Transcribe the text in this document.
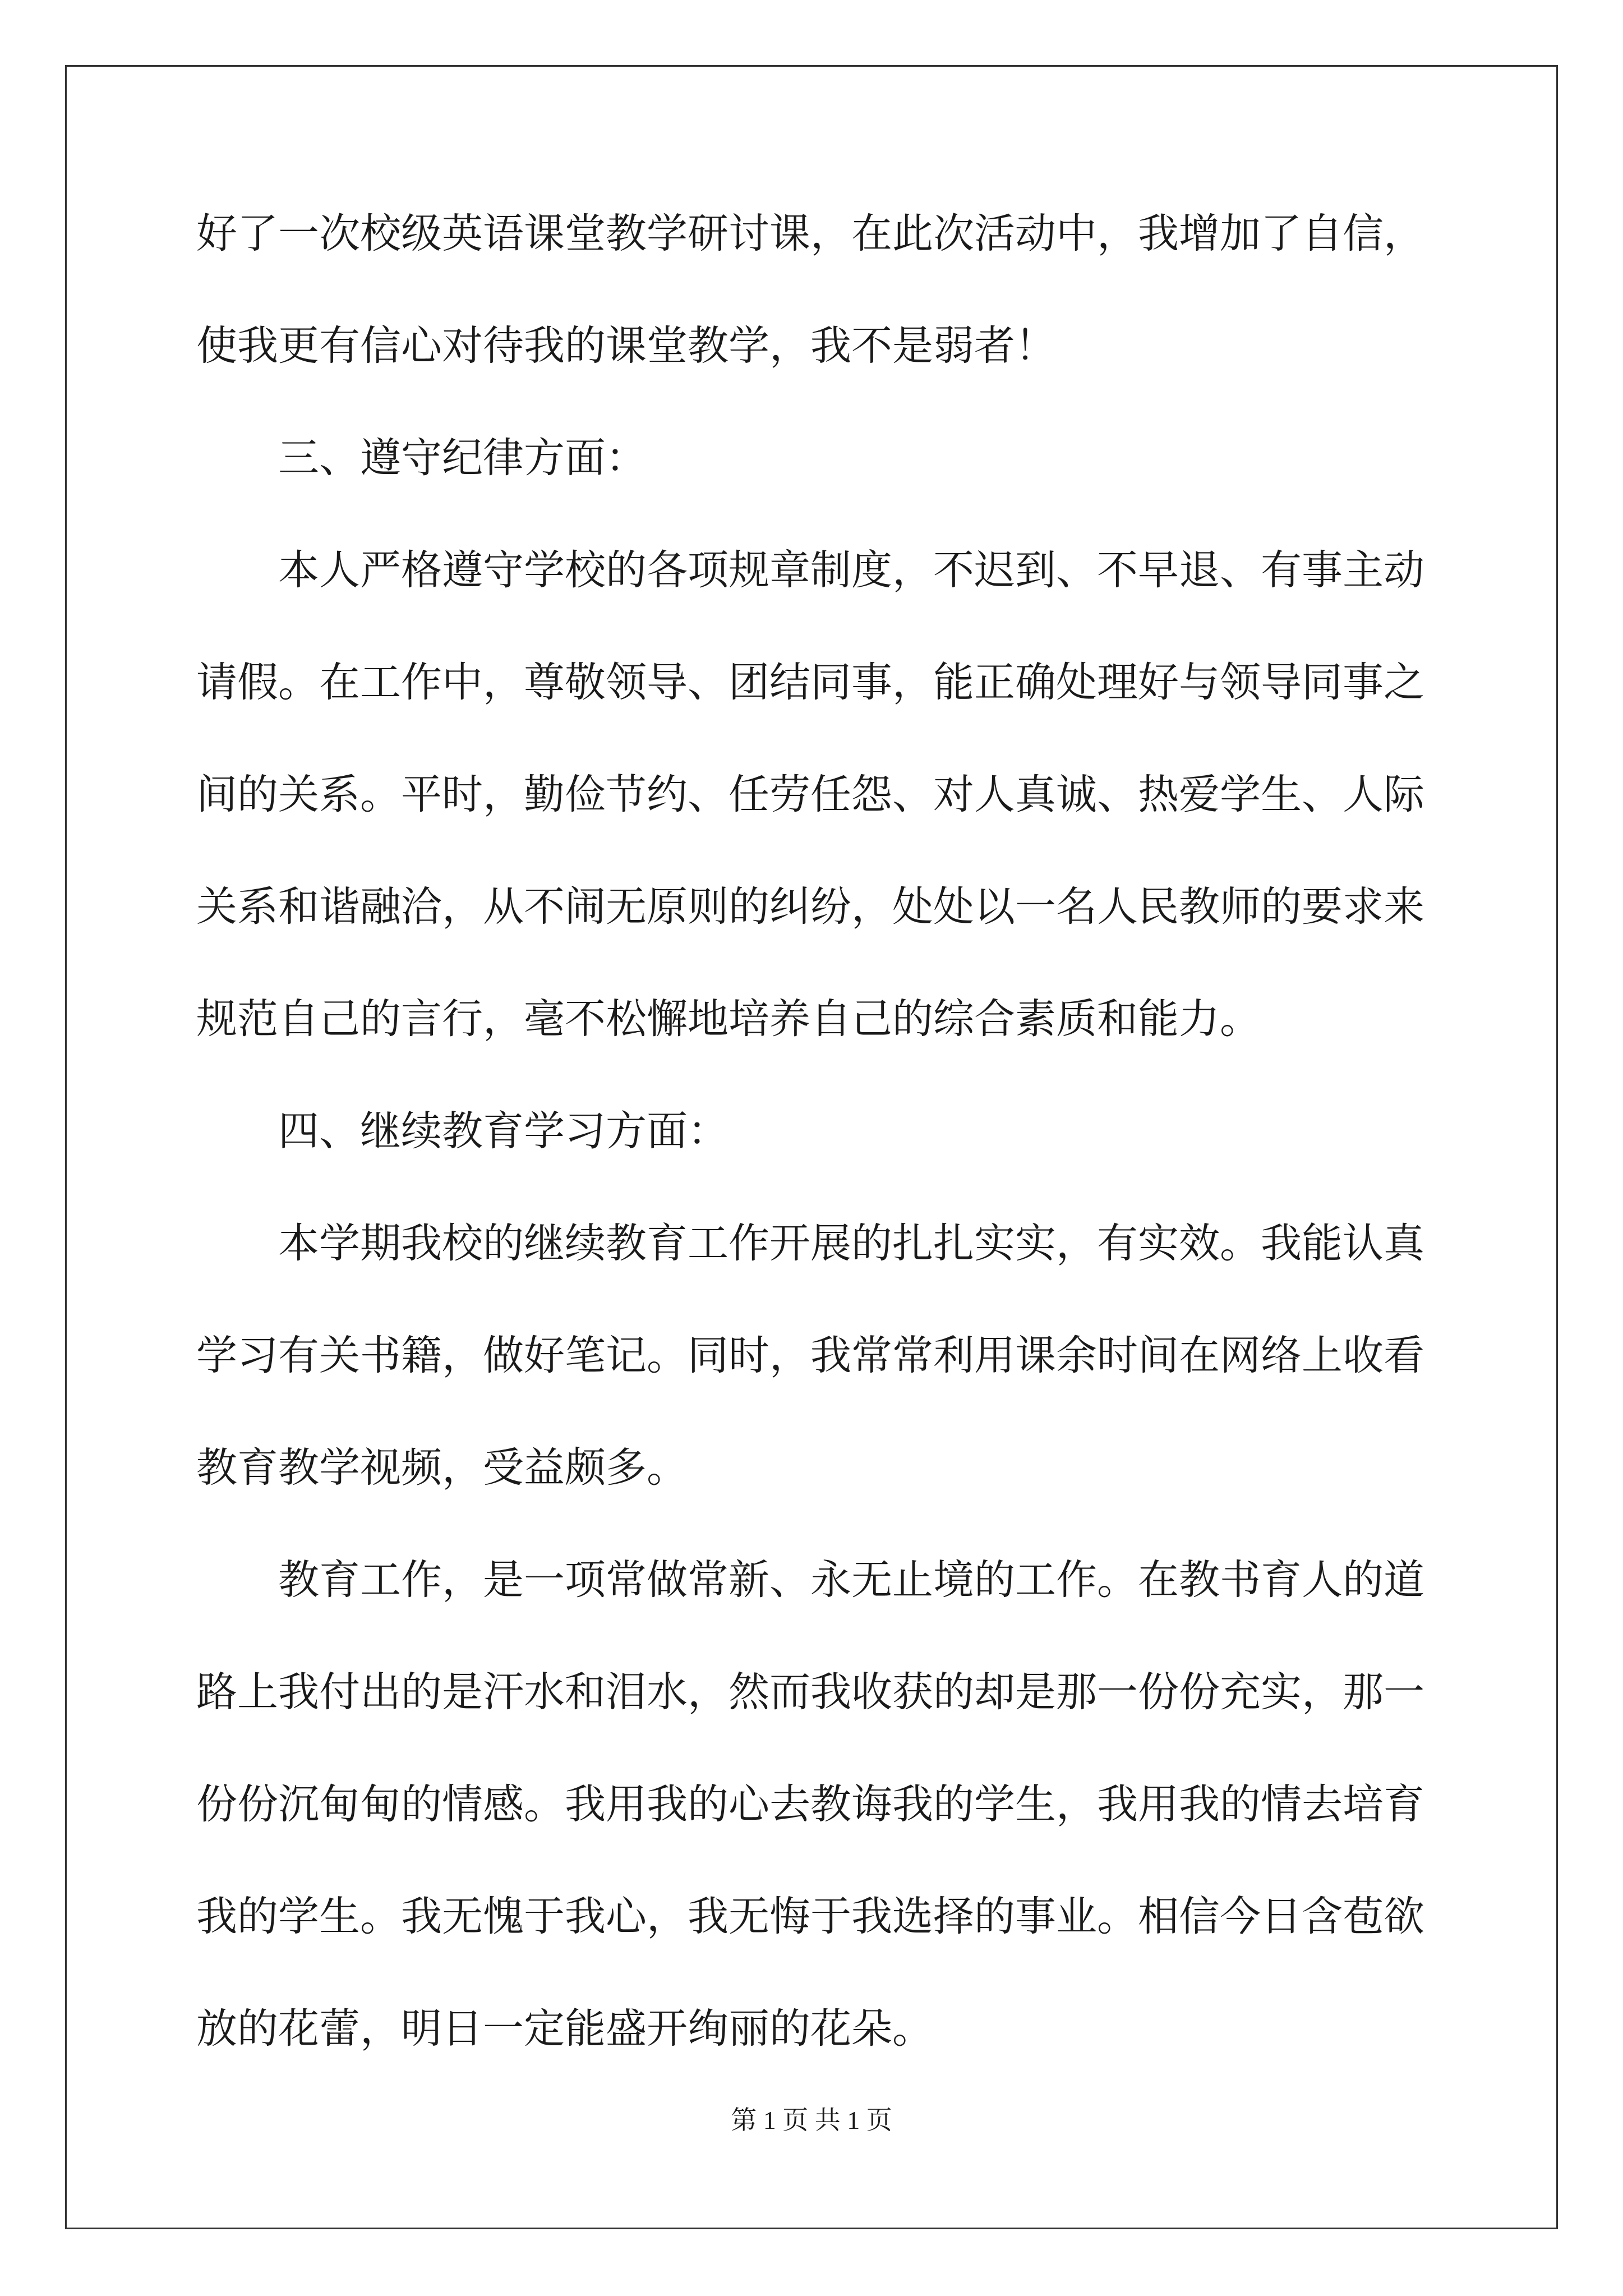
好了一次校级英语课堂教学研讨课，在此次活动中，我增加了自信，
使我更有信心对待我的课堂教学，我不是弱者！
三、遵守纪律方面：
本人严格遵守学校的各项规章制度，不迟到、不早退、有事主动
请假。在工作中，尊敬领导、团结同事，能正确处理好与领导同事之
间的关系。平时，勤俭节约、任劳任怨、对人真诚、热爱学生、人际
关系和谐融洽，从不闹无原则的纠纷，处处以一名人民教师的要求来
规范自己的言行，毫不松懈地培养自己的综合素质和能力。
四、继续教育学习方面：
本学期我校的继续教育工作开展的扎扎实实，有实效。我能认真
学习有关书籍，做好笔记。同时，我常常利用课余时间在网络上收看
教育教学视频，受益颇多。
教育工作，是一项常做常新、永无止境的工作。在教书育人的道
路上我付出的是汗水和泪水，然而我收获的却是那一份份充实，那一
份份沉甸甸的情感。我用我的心去教诲我的学生，我用我的情去培育
我的学生。我无愧于我心，我无悔于我选择的事业。相信今日含苞欲
放的花蕾，明日一定能盛开绚丽的花朵。
第 1 页 共 1 页
